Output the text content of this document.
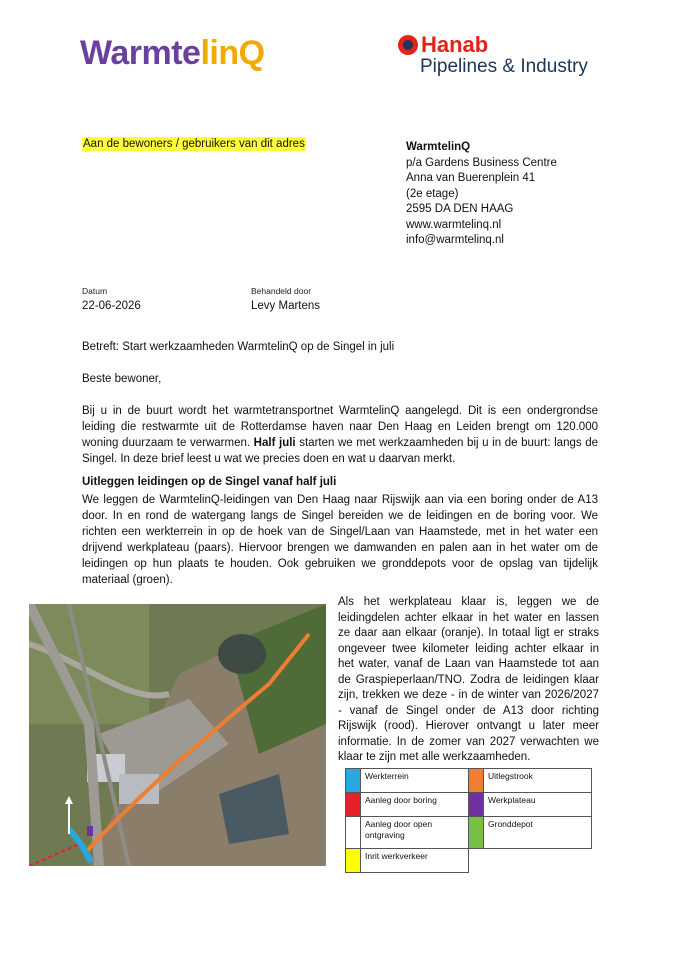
WarmtelinQ	Hanab
Pipelines & Industry
Aan de bewoners / gebruikers van dit adres	WarmtelinQ
p/a Gardens Business Centre
Anna van Buerenplein 41
(2e etage)
2595 DA DEN HAAG
www.warmtelinq.nl
info@warmtelinq.nl
Datum
22-06-2026
Behandeld door
Levy Martens
Betreft: Start werkzaamheden WarmtelinQ op de Singel in juli
Beste bewoner,
Bij u in de buurt wordt het warmtetransportnet WarmtelinQ aangelegd. Dit is een ondergrondse leiding die restwarmte uit de Rotterdamse haven naar Den Haag en Leiden brengt om 120.000 woning duurzaam te verwarmen. Half juli starten we met werkzaamheden bij u in de buurt: langs de Singel. In deze brief leest u wat we precies doen en wat u daarvan merkt.
Uitleggen leidingen op de Singel vanaf half juli
We leggen de WarmtelinQ-leidingen van Den Haag naar Rijswijk aan via een boring onder de A13 door. In en rond de watergang langs de Singel bereiden we de leidingen en de boring voor. We richten een werkterrein in op de hoek van de Singel/Laan van Haamstede, met in het water een drijvend werkplateau (paars). Hiervoor brengen we damwanden en palen aan in het water om de leidingen op hun plaats te houden. Ook gebruiken we gronddepots voor de opslag van tijdelijk materiaal (groen).
Als het werkplateau klaar is, leggen we de leidingdelen achter elkaar in het water en lassen ze daar aan elkaar (oranje). In totaal ligt er straks ongeveer twee kilometer leiding achter elkaar in het water, vanaf de Laan van Haamstede tot aan de Graspieperlaan/TNO. Zodra de leidingen klaar zijn, trekken we deze - in de winter van 2026/2027 - vanaf de Singel onder de A13 door richting Rijswijk (rood). Hierover ontvangt u later meer informatie. In de zomer van 2027 verwachten we klaar te zijn met alle werkzaamheden.
	Werkterrein		Uitlegstrook
	Aanleg door boring		Werkplateau
	Aanleg door open ontgraving		Gronddepot
	Inrit werkverkeer		
